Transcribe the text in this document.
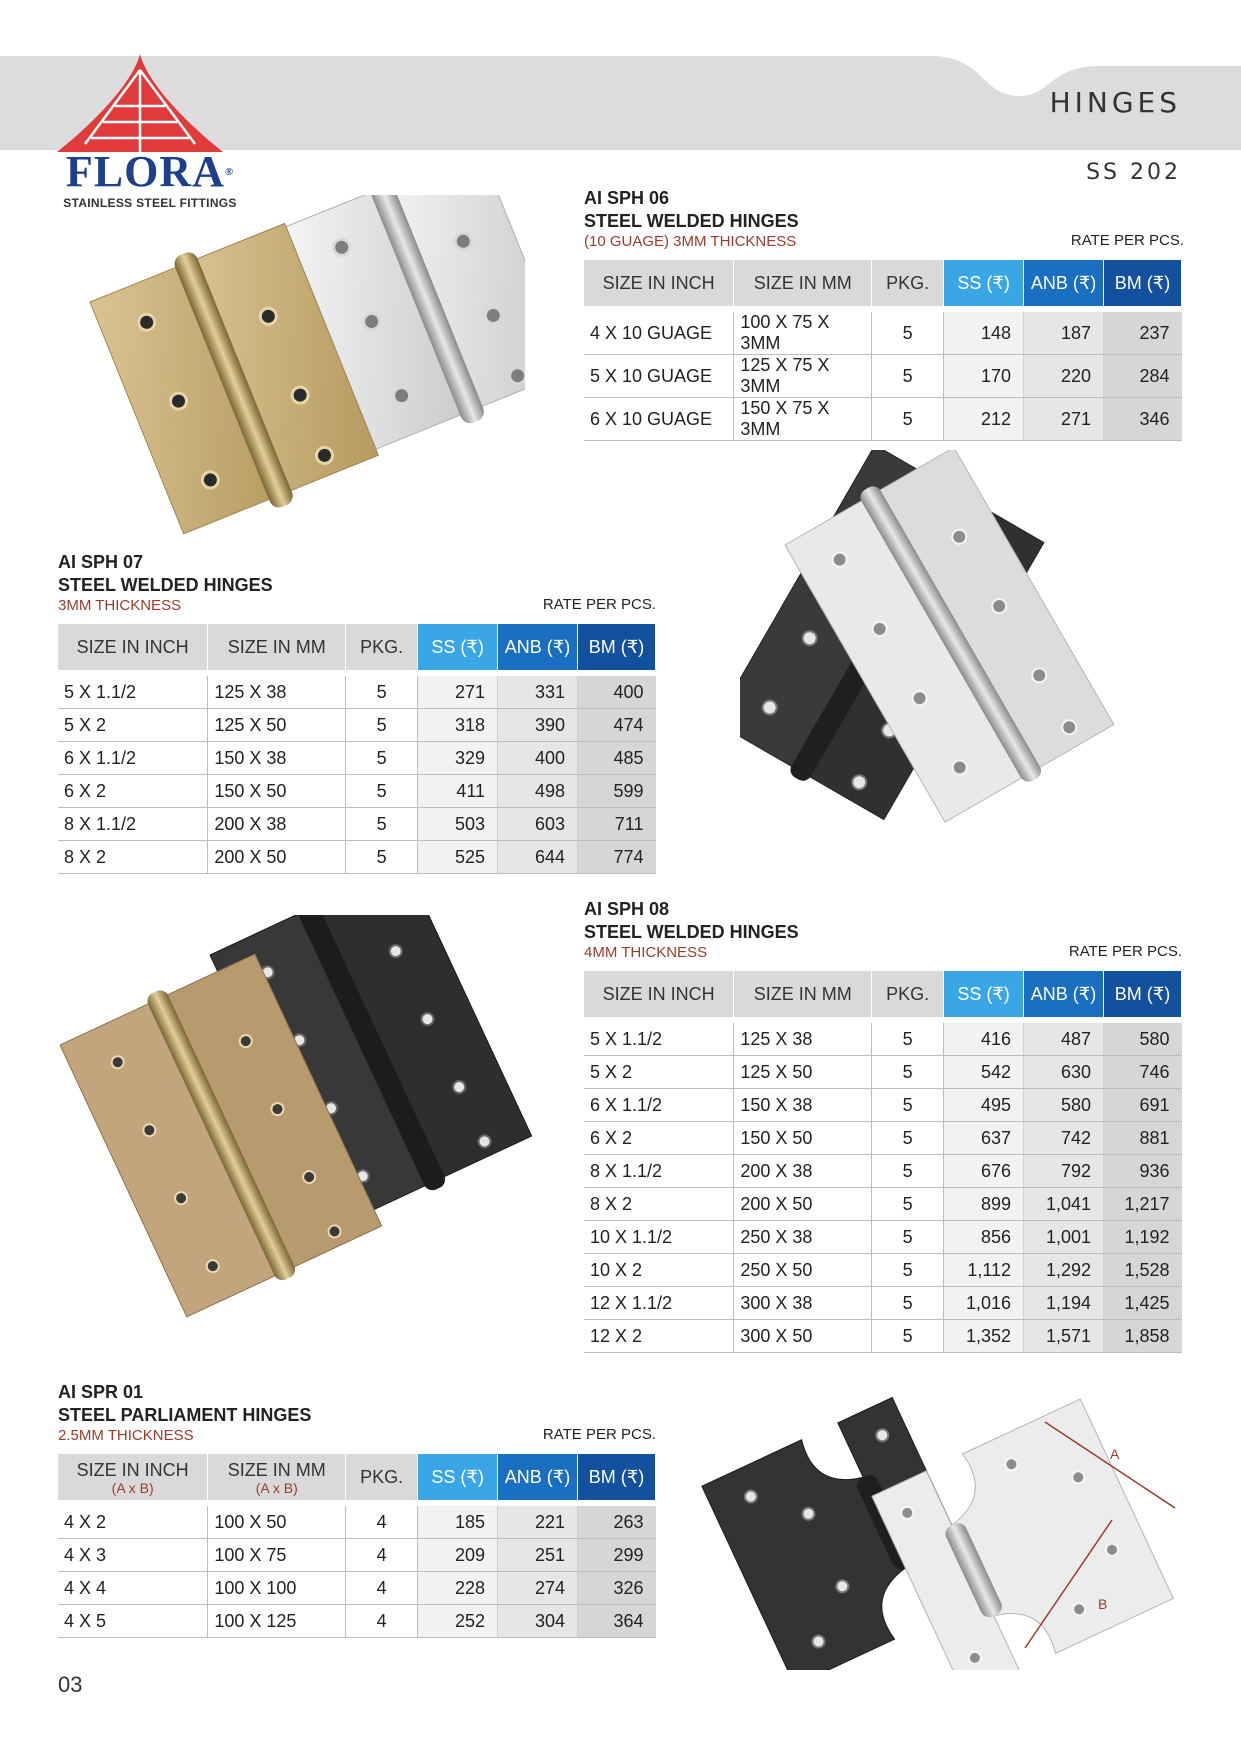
FLORA®
STAINLESS STEEL FITTINGS
HINGES
SS 202
A
B
AI SPH 06
STEEL WELDED HINGES
(10 GUAGE) 3MM THICKNESS	RATE PER PCS.
SIZE IN INCH	SIZE IN MM	PKG.	SS (₹)	ANB (₹)	BM (₹)

4 X 10 GUAGE	100 X 75 X 3MM	5	148	187	237
5 X 10 GUAGE	125 X 75 X 3MM	5	170	220	284
6 X 10 GUAGE	150 X 75 X 3MM	5	212	271	346
AI SPH 07
STEEL WELDED HINGES
3MM THICKNESS	RATE PER PCS.
SIZE IN INCH	SIZE IN MM	PKG.	SS (₹)	ANB (₹)	BM (₹)

5 X 1.1/2	125 X 38	5	271	331	400
5 X 2	125 X 50	5	318	390	474
6 X 1.1/2	150 X 38	5	329	400	485
6 X 2	150 X 50	5	411	498	599
8 X 1.1/2	200 X 38	5	503	603	711
8 X 2	200 X 50	5	525	644	774
AI SPH 08
STEEL WELDED HINGES
4MM THICKNESS	RATE PER PCS.
SIZE IN INCH	SIZE IN MM	PKG.	SS (₹)	ANB (₹)	BM (₹)

5 X 1.1/2	125 X 38	5	416	487	580
5 X 2	125 X 50	5	542	630	746
6 X 1.1/2	150 X 38	5	495	580	691
6 X 2	150 X 50	5	637	742	881
8 X 1.1/2	200 X 38	5	676	792	936
8 X 2	200 X 50	5	899	1,041	1,217
10 X 1.1/2	250 X 38	5	856	1,001	1,192
10 X 2	250 X 50	5	1,112	1,292	1,528
12 X 1.1/2	300 X 38	5	1,016	1,194	1,425
12 X 2	300 X 50	5	1,352	1,571	1,858
AI SPR 01
STEEL PARLIAMENT HINGES
2.5MM THICKNESS	RATE PER PCS.
SIZE IN INCH
(A x B)	SIZE IN MM
(A x B)	PKG.	SS (₹)	ANB (₹)	BM (₹)

4 X 2	100 X 50	4	185	221	263
4 X 3	100 X 75	4	209	251	299
4 X 4	100 X 100	4	228	274	326
4 X 5	100 X 125	4	252	304	364
03
